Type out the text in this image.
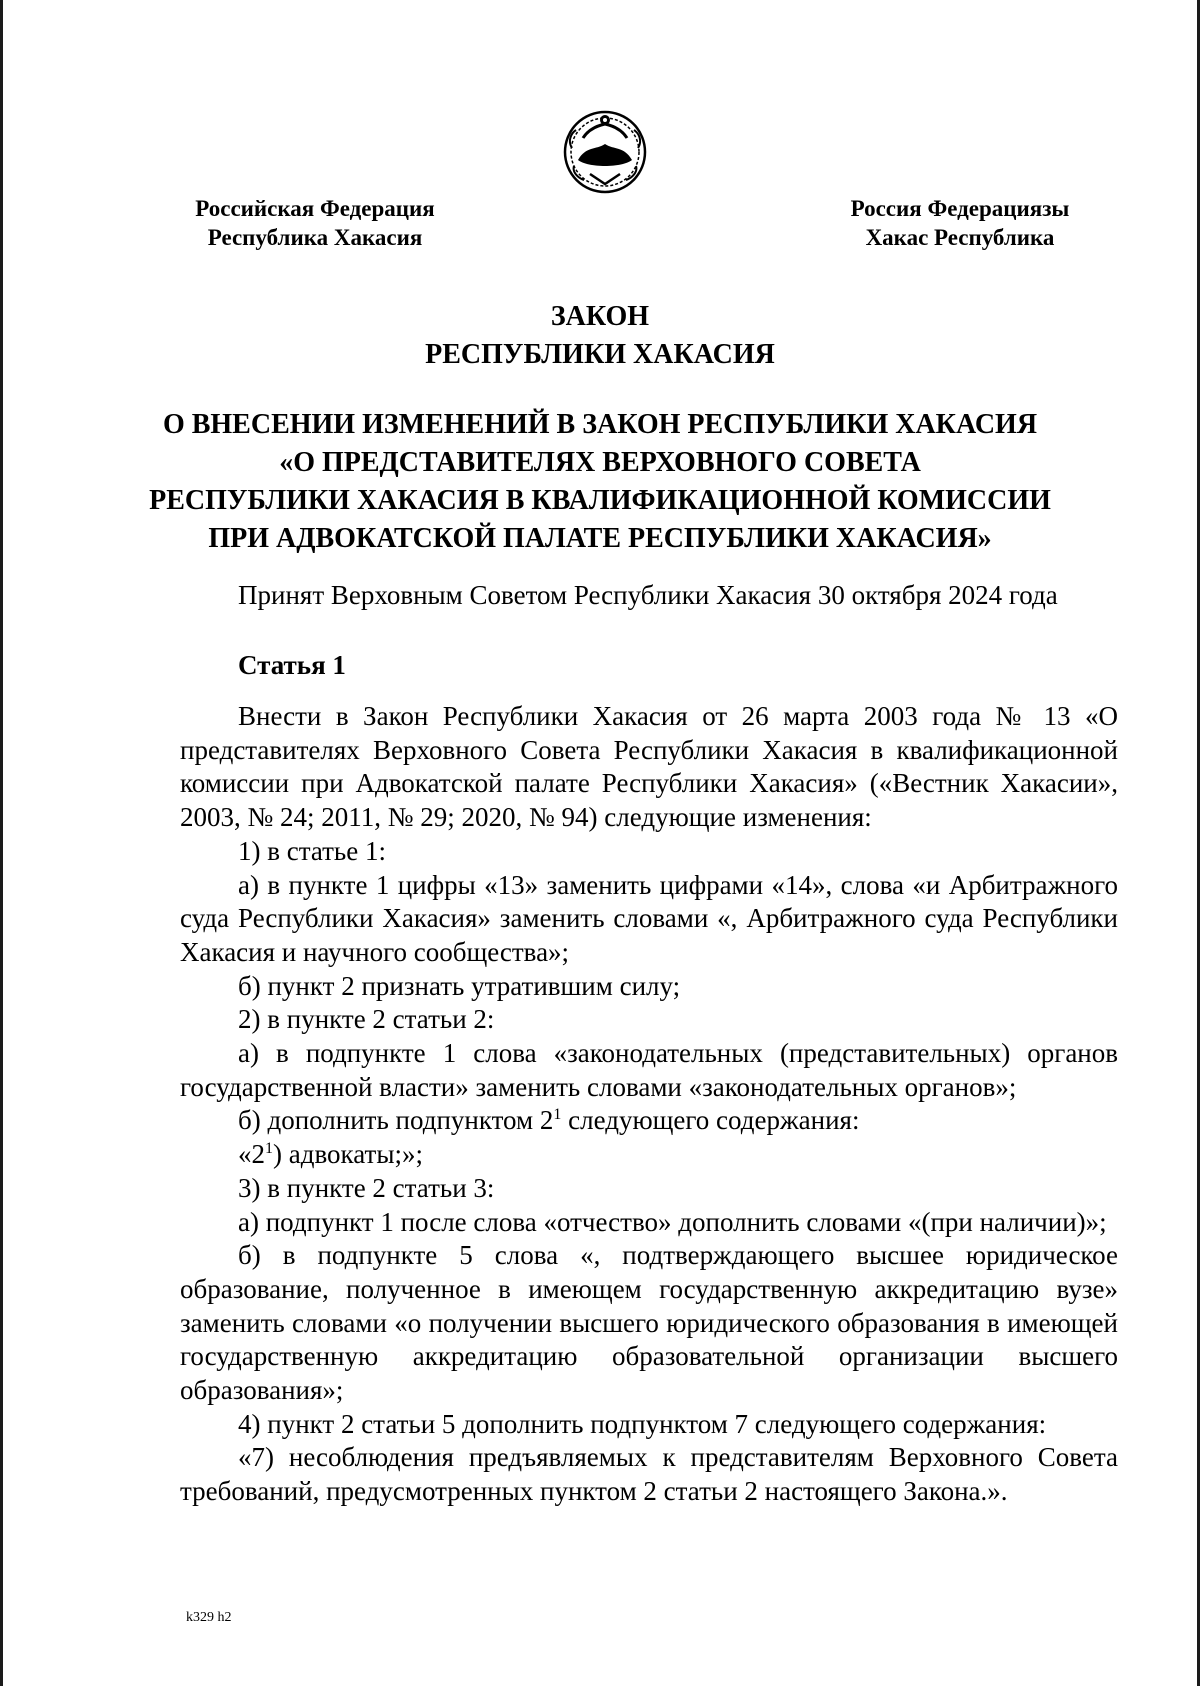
Российская Федерация
Республика Хакасия
Россия Федерациязы
Хакас Республика
ЗАКОН
РЕСПУБЛИКИ ХАКАСИЯ
О ВНЕСЕНИИ ИЗМЕНЕНИЙ В ЗАКОН РЕСПУБЛИКИ ХАКАСИЯ
«О ПРЕДСТАВИТЕЛЯХ ВЕРХОВНОГО СОВЕТА
РЕСПУБЛИКИ ХАКАСИЯ В КВАЛИФИКАЦИОННОЙ КОМИССИИ
ПРИ АДВОКАТСКОЙ ПАЛАТЕ РЕСПУБЛИКИ ХАКАСИЯ»
Принят Верховным Советом Республики Хакасия 30 октября 2024 года
Статья 1

Внести в Закон Республики Хакасия от 26 марта 2003 года № 13 «О представителях Верховного Совета Республики Хакасия в квалификационной комиссии при Адвокатской палате Республики Хакасия» («Вестник Хакасии», 2003, № 24; 2011, № 29; 2020, № 94) следующие изменения:

1) в статье 1:

а) в пункте 1 цифры «13» заменить цифрами «14», слова «и Арбитражного суда Республики Хакасия» заменить словами «, Арбитражного суда Республики Хакасия и научного сообщества»;

б) пункт 2 признать утратившим силу;

2) в пункте 2 статьи 2:

а) в подпункте 1 слова «законодательных (представительных) органов государственной власти» заменить словами «законодательных органов»;

б) дополнить подпунктом $2^1$ следующего содержания:

«$2^1$) адвокаты;»;

3) в пункте 2 статьи 3:

а) подпункт 1 после слова «отчество» дополнить словами «(при наличии)»;

б) в подпункте 5 слова «, подтверждающего высшее юридическое образование, полученное в имеющем государственную аккредитацию вузе» заменить словами «о получении высшего юридического образования в имеющей государственную аккредитацию образовательной организации высшего образования»;

4) пункт 2 статьи 5 дополнить подпунктом 7 следующего содержания:

«7) несоблюдения предъявляемых к представителям Верховного Совета требований, предусмотренных пунктом 2 статьи 2 настоящего Закона.».

k329 h2
